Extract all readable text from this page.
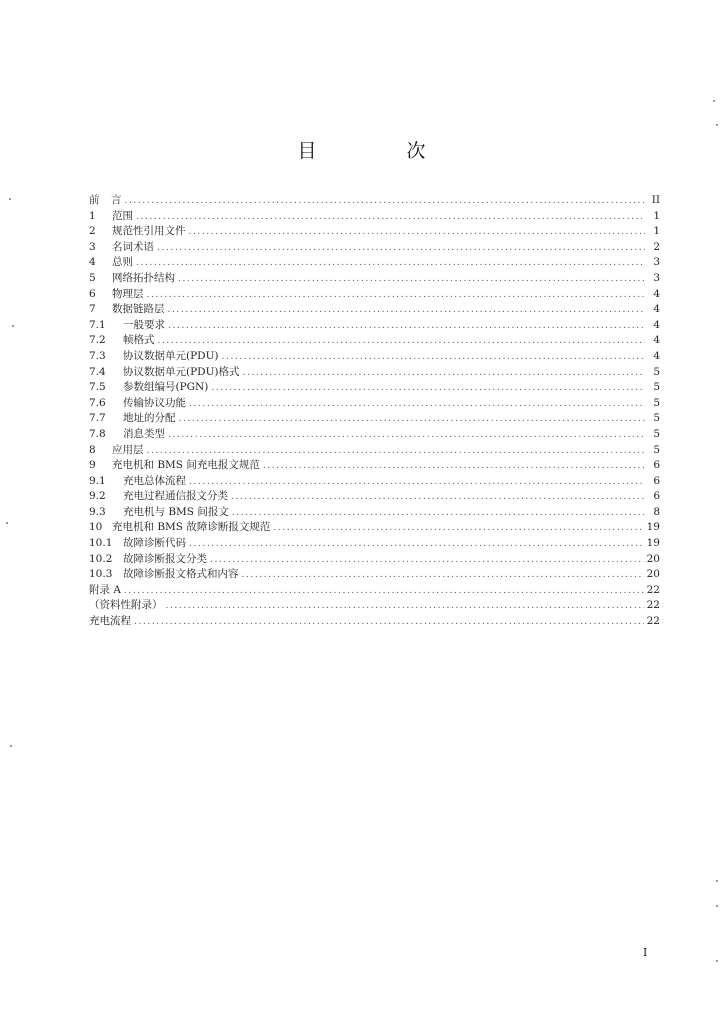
目 次
前	言 .....	II
1	范围 .....	1
2	规范性引用文件 .....	1
3	名词术语 .....	2
4	总则 .....	3
5	网络拓扑结构 .....	3
6	物理层 .....	4
7	数据链路层 .....	4
7.1	一般要求 .....	4
7.2	帧格式 .....	4
7.3	协议数据单元(PDU) .....	4
7.4	协议数据单元(PDU)格式 .....	5
7.5	参数组编号(PGN) .....	5
7.6	传输协议功能 .....	5
7.7	地址的分配 .....	5
7.8	消息类型 .....	5
8	应用层 .....	5
9	充电机和 BMS 间充电报文规范 .....	6
9.1	充电总体流程 .....	6
9.2	充电过程通信报文分类 .....	6
9.3	充电机与 BMS 间报文 .....	8
10 充电机和 BMS 故障诊断报文规范 .....	19
10.1	故障诊断代码 .....	19
10.2	故障诊断报文分类 .....	20
10.3	故障诊断报文格式和内容 .....	20
附录 A .....	22
（资料性附录） .....	22
充电流程 .....	22
I
